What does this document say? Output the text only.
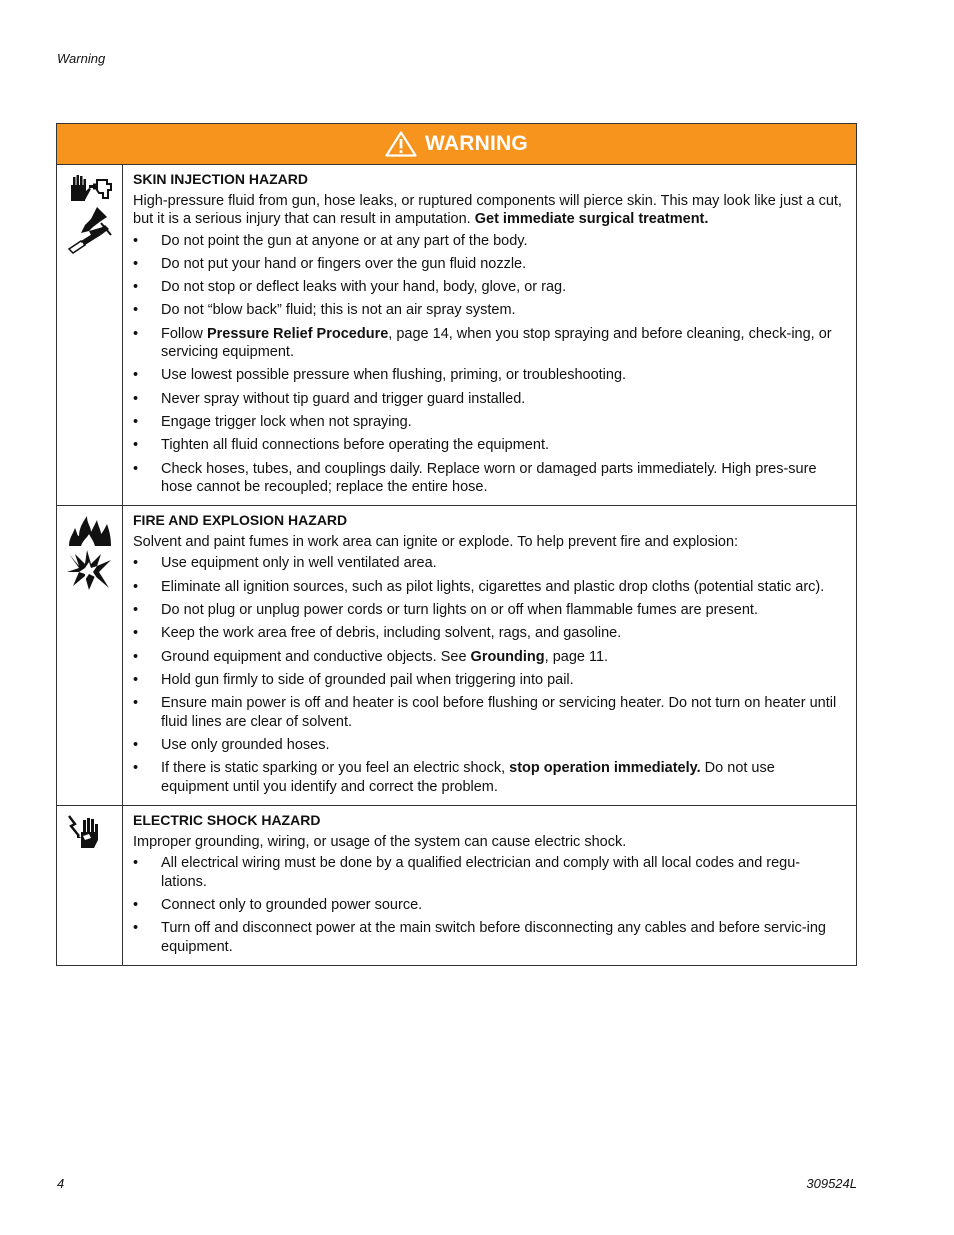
Warning
WARNING
SKIN INJECTION HAZARD
High-pressure fluid from gun, hose leaks, or ruptured components will pierce skin. This may look like just a cut, but it is a serious injury that can result in amputation. Get immediate surgical treatment.
• Do not point the gun at anyone or at any part of the body.
• Do not put your hand or fingers over the gun fluid nozzle.
• Do not stop or deflect leaks with your hand, body, glove, or rag.
• Do not “blow back” fluid; this is not an air spray system.
• Follow Pressure Relief Procedure, page 14, when you stop spraying and before cleaning, check-ing, or servicing equipment.
• Use lowest possible pressure when flushing, priming, or troubleshooting.
• Never spray without tip guard and trigger guard installed.
• Engage trigger lock when not spraying.
• Tighten all fluid connections before operating the equipment.
• Check hoses, tubes, and couplings daily. Replace worn or damaged parts immediately. High pres-sure hose cannot be recoupled; replace the entire hose.
FIRE AND EXPLOSION HAZARD
Solvent and paint fumes in work area can ignite or explode. To help prevent fire and explosion:
• Use equipment only in well ventilated area.
• Eliminate all ignition sources, such as pilot lights, cigarettes and plastic drop cloths (potential static arc).
• Do not plug or unplug power cords or turn lights on or off when flammable fumes are present.
• Keep the work area free of debris, including solvent, rags, and gasoline.
• Ground equipment and conductive objects. See Grounding, page 11.
• Hold gun firmly to side of grounded pail when triggering into pail.
• Ensure main power is off and heater is cool before flushing or servicing heater. Do not turn on heater until fluid lines are clear of solvent.
• Use only grounded hoses.
• If there is static sparking or you feel an electric shock, stop operation immediately. Do not use equipment until you identify and correct the problem.
ELECTRIC SHOCK HAZARD
Improper grounding, wiring, or usage of the system can cause electric shock.
• All electrical wiring must be done by a qualified electrician and comply with all local codes and regu-lations.
• Connect only to grounded power source.
• Turn off and disconnect power at the main switch before disconnecting any cables and before servic-ing equipment.
4	309524L
